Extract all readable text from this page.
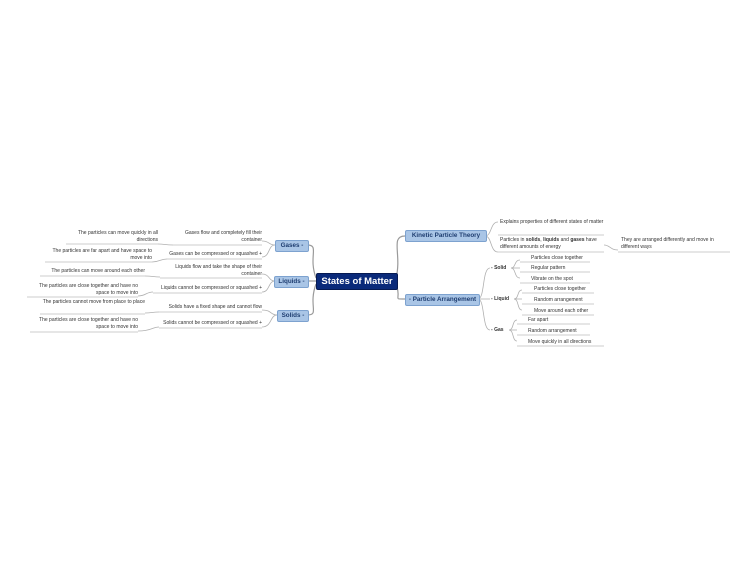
States of Matter
Kinetic Particle Theory
Explains properties of different states of matter
Particles in solids, liquids and gases have different amounts of energy
They are arranged differently and move in different ways
- Particle Arrangement
- Solid
Particles close together
Regular pattern
Vibrate on the spot
- Liquid
Particles close together
Random arrangement
Move around each other
- Gas
Far apart
Random arrangement
Move quickly in all directions
Gases -
Gases flow and completely fill their container
The particles can move quickly in all directions
Gases can be compressed or squashed +
The particles are far apart and have space to move into
Liquids -
Liquids flow and take the shape of their container
The particles can move around each other
Liquids cannot be compressed or squashed +
The particles are close together and have no space to move into
Solids -
Solids have a fixed shape and cannot flow
The particles cannot move from place to place
Solids cannot be compressed or squashed +
The particles are close together and have no space to move into
